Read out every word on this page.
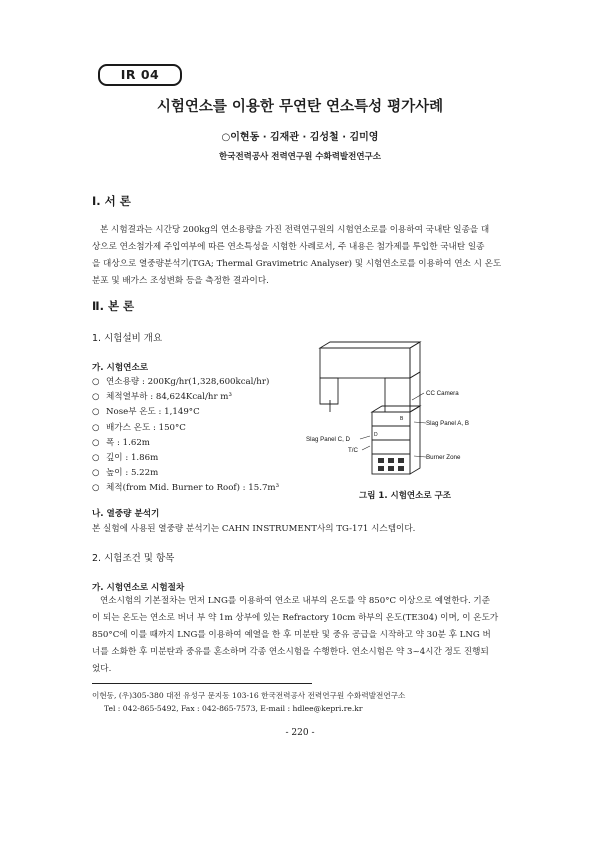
IR 04
시험연소를 이용한 무연탄 연소특성 평가사례
○이현동 · 김재관 · 김성철 · 김미영
한국전력공사 전력연구원 수화력발전연구소
Ⅰ. 서 론

본 시험결과는 시간당 200kg의 연소용량을 가진 전력연구원의 시험연소로를 이용하여 국내탄 일종을 대

상으로 연소첨가제 주입여부에 따른 연소특성을 시험한 사례로서, 주 내용은 첨가제를 투입한 국내탄 일종

을 대상으로 열중량분석기(TGA; Thermal Gravimetric Analyser) 및 시험연소로를 이용하여 연소 시 온도

분포 및 배가스 조성변화 등을 측정한 결과이다.

Ⅱ. 본 론
1. 시험설비 개요
가. 시험연소로
○ 연소용량 : 200Kg/hr(1,328,600kcal/hr)
○ 체적열부하 : 84,624Kcal/hr m³
○ Nose부 온도 : 1,149°C
○ 배가스 온도 : 150°C
○ 폭 : 1.62m
○ 깊이 : 1.86m
○ 높이 : 5.22m
○ 체적(from Mid. Burner to Roof) : 15.7m³
CC Camera
Slag Panel A, B
Slag Panel C, D
T/C
Burner Zone
B
D
그림 1. 시험연소로 구조
나. 열중량 분석기
본 실험에 사용된 열중량 분석기는 CAHN INSTRUMENT사의 TG-171 시스템이다.
2. 시험조건 및 항목
가. 시험연소로 시험절차

연소시험의 기본절차는 먼저 LNG를 이용하여 연소로 내부의 온도를 약 850°C 이상으로 예열한다. 기준

이 되는 온도는 연소로 버너 부 약 1m 상부에 있는 Refractory 10cm 하부의 온도(TE304) 이며, 이 온도가

850°C에 이를 때까지 LNG를 이용하여 예열을 한 후 미분탄 및 중유 공급을 시작하고 약 30분 후 LNG 버

너를 소화한 후 미분탄과 중유를 혼소하며 각종 연소시험을 수행한다. 연소시험은 약 3~4시간 정도 진행되

었다.

이현동, (우)305-380 대전 유성구 문지동 103-16 한국전력공사 전력연구원 수화력발전연구소
Tel : 042-865-5492, Fax : 042-865-7573, E-mail : hdlee@kepri.re.kr
- 220 -
